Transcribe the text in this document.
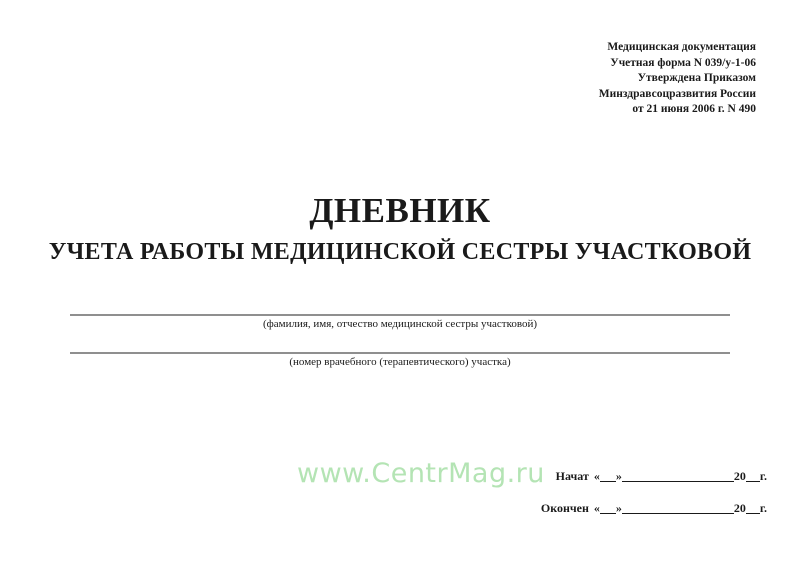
Медицинская документация
Учетная форма N 039/у-1-06
Утверждена Приказом
Минздравсоцразвития России
от 21 июня 2006 г. N 490
ДНЕВНИК
УЧЕТА РАБОТЫ МЕДИЦИНСКОЙ СЕСТРЫ УЧАСТКОВОЙ
(фамилия, имя, отчество медицинской сестры участковой)
(номер врачебного (терапевтического) участка)
www.CentrMag.ru Начат « »	20 г.
Окончен « »	20 г.
